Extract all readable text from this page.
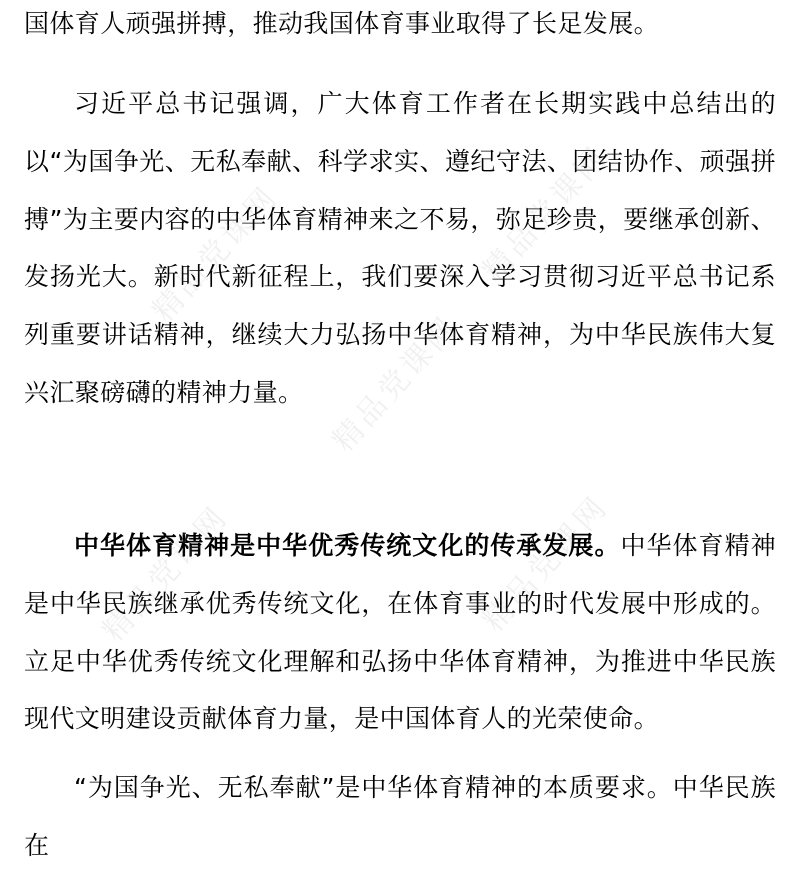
国体育人顽强拼搏，推动我国体育事业取得了长足发展。

习近平总书记强调，广大体育工作者在长期实践中总结出的以“为国争光、无私奉献、科学求实、遵纪守法、团结协作、顽强拼搏”为主要内容的中华体育精神来之不易，弥足珍贵，要继承创新、发扬光大。新时代新征程上，我们要深入学习贯彻习近平总书记系列重要讲话精神，继续大力弘扬中华体育精神，为中华民族伟大复兴汇聚磅礴的精神力量。

中华体育精神是中华优秀传统文化的传承发展。中华体育精神是中华民族继承优秀传统文化，在体育事业的时代发展中形成的。立足中华优秀传统文化理解和弘扬中华体育精神，为推进中华民族现代文明建设贡献体育力量，是中国体育人的光荣使命。

“为国争光、无私奉献”是中华体育精神的本质要求。中华民族在

精品党课网
精品党课网
精品党课网
精品党课网	精品党课网
